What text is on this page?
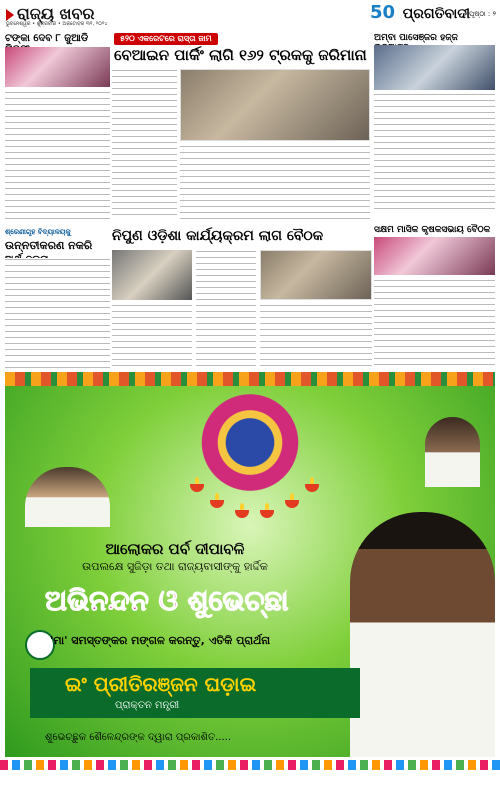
ରାଜ୍ୟ ଖବର
ଭୁବନେଶ୍ୱର • ଶୁକ୍ରବାର • ଅକ୍ଟୋବର ୩୧, ୨୦୨୪
50 ପ୍ରଗତିବାଦୀ ପୃଷ୍ଠା : ୨
ଟଙ୍କା ଦେବ ୮ ଜୁଆଡି	୫୨୦ ଏକରେଟରେ ରାସ୍ତା ଜାମ
ବେଆଇନ ପାର୍କିଂ ଲାଗି ୧୬୨ ଟ୍ରକକୁ ଜରିମାନା
ଅମ୍ବା ପାସେଞ୍ଜର ହଜ୍ଜ
ସକ୍ଷମ ମାସିକ କୃଷକସଭାୟ ବୈଠକ
ଶ୍ରେଣୀଗୃହ ବିଦ୍ୟାଳୟକୁ
ଉନ୍ନତୀକରଣ ନକରି
ନିପୁଣ ଓଡ଼ିଶା କାର୍ଯ୍ୟକ୍ରମ ଲାଗ ବୈଠକ
ଆଲୋକର ପର୍ବ ଦୀପାବଳି
ଉପଲକ୍ଷେ ସୁଜିଡ଼ା ତଥା ରାଜ୍ୟବାସୀଙ୍କୁ ହାର୍ଦ୍ଦିକ
ଅଭିନନ୍ଦନ ଓ ଶୁଭେଚ୍ଛା
'ମା' ସମସ୍ତଙ୍କର ମଙ୍ଗଳ କରନ୍ତୁ, ଏତିକି ପ୍ରାର୍ଥନା
ଇଂ ପ୍ରୀତିରଞ୍ଜନ ଘଡ଼ାଇ
ପ୍ରାକ୍ତନ ମନ୍ତ୍ରୀ
ଶୁଭେଚ୍ଛୁକ ଶୈଳେନ୍ଦ୍ରଙ୍କ ଦ୍ୱାରା ପ୍ରକାଶିତ.....
